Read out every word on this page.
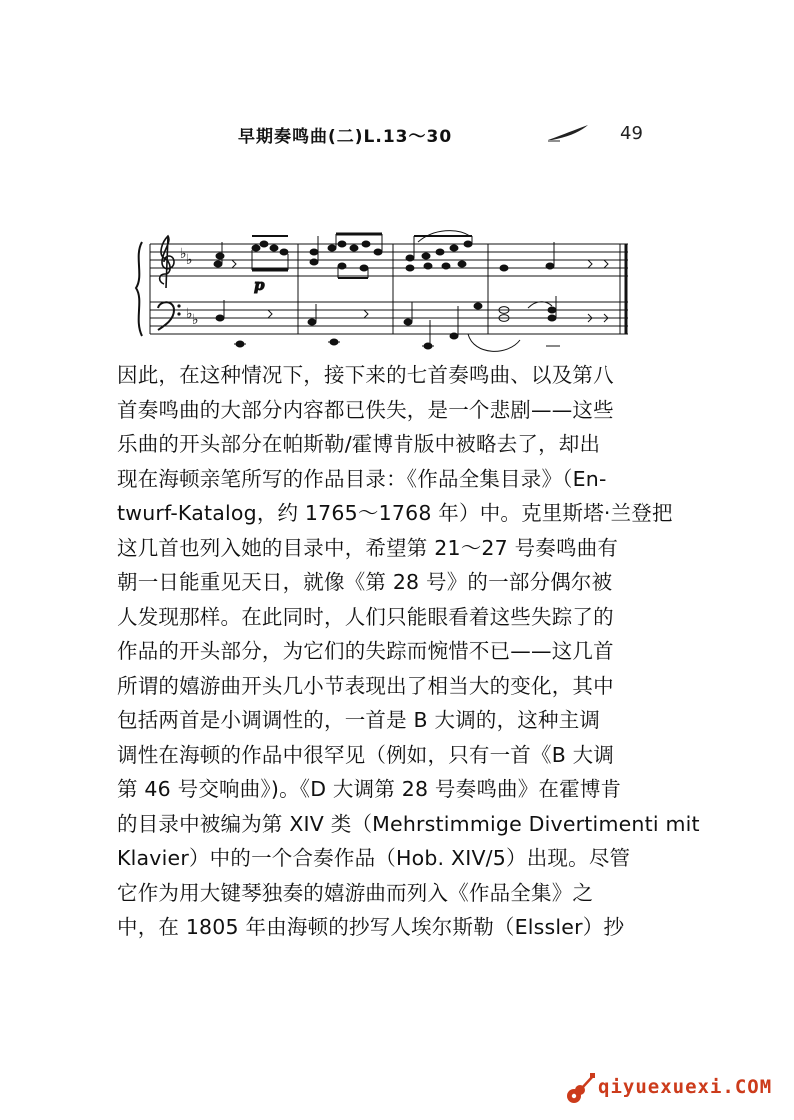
早期奏鸣曲(二)L.13～30	49
♭ ♭
♭ ♭
p
因此，在这种情况下，接下来的七首奏鸣曲、以及第八
首奏鸣曲的大部分内容都已佚失，是一个悲剧——这些
乐曲的开头部分在帕斯勒/霍博肯版中被略去了，却出
现在海顿亲笔所写的作品目录：《作品全集目录》（En-
twurf-Katalog，约 1765～1768 年）中。克里斯塔·兰登把
这几首也列入她的目录中，希望第 21～27 号奏鸣曲有
朝一日能重见天日，就像《第 28 号》的一部分偶尔被
人发现那样。在此同时，人们只能眼看着这些失踪了的
作品的开头部分，为它们的失踪而惋惜不已——这几首
所谓的嬉游曲开头几小节表现出了相当大的变化，其中
包括两首是小调调性的，一首是 B 大调的，这种主调
调性在海顿的作品中很罕见（例如，只有一首《B 大调
第 46 号交响曲》)。《D 大调第 28 号奏鸣曲》在霍博肯
的目录中被编为第 XIV 类（Mehrstimmige Divertimenti mit
Klavier）中的一个合奏作品（Hob. XIV/5）出现。尽管
它作为用大键琴独奏的嬉游曲而列入《作品全集》之
中，在 1805 年由海顿的抄写人埃尔斯勒（Elssler）抄
qiyuexuexi.COM
